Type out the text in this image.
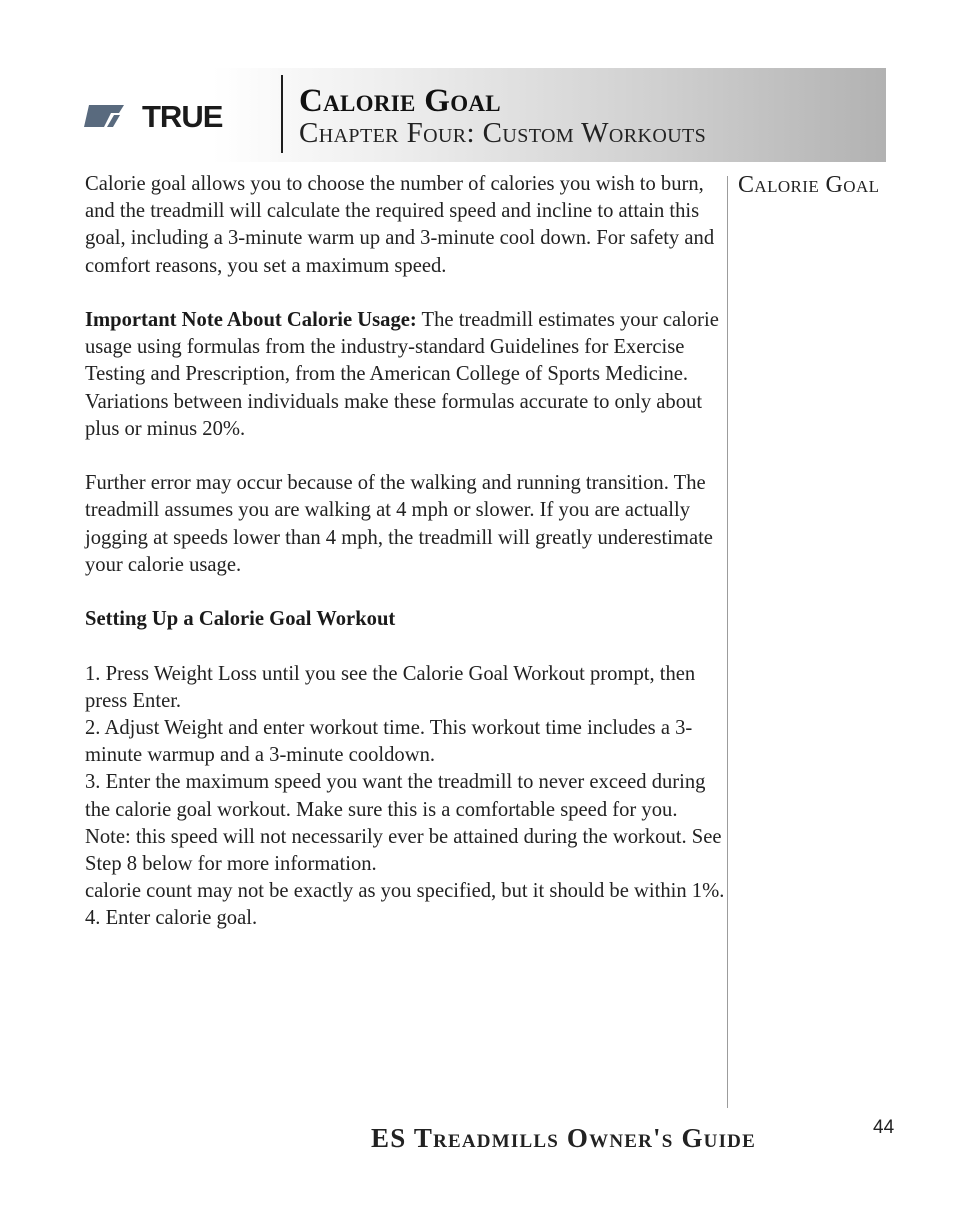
TRUE Calorie Goal
Chapter Four: Custom Workouts

Calorie goal allows you to choose the number of calories you wish to burn, and the treadmill will calculate the required speed and incline to attain this goal, including a 3-minute warm up and 3-minute cool down. For safety and comfort reasons, you set a maximum speed.

Important Note About Calorie Usage: The treadmill estimates your calorie usage using formulas from the industry-standard Guidelines for Exercise Testing and Prescription, from the American College of Sports Medicine. Variations between individuals make these formulas accurate to only about plus or minus 20%.

Further error may occur because of the walking and running transition. The treadmill assumes you are walking at 4 mph or slower. If you are actually jogging at speeds lower than 4 mph, the treadmill will greatly underestimate your calorie usage.

Setting Up a Calorie Goal Workout

1. Press Weight Loss until you see the Calorie Goal Workout prompt, then press Enter.

2. Adjust Weight and enter workout time. This workout time includes a 3-minute warmup and a 3-minute cooldown.

3. Enter the maximum speed you want the treadmill to never exceed during the calorie goal workout. Make sure this is a comfortable speed for you. Note: this speed will not necessarily ever be attained during the workout. See Step 8 below for more information.

calorie count may not be exactly as you specified, but it should be within 1%.

4. Enter calorie goal.

Calorie Goal
ES Treadmills Owner's Guide	44
